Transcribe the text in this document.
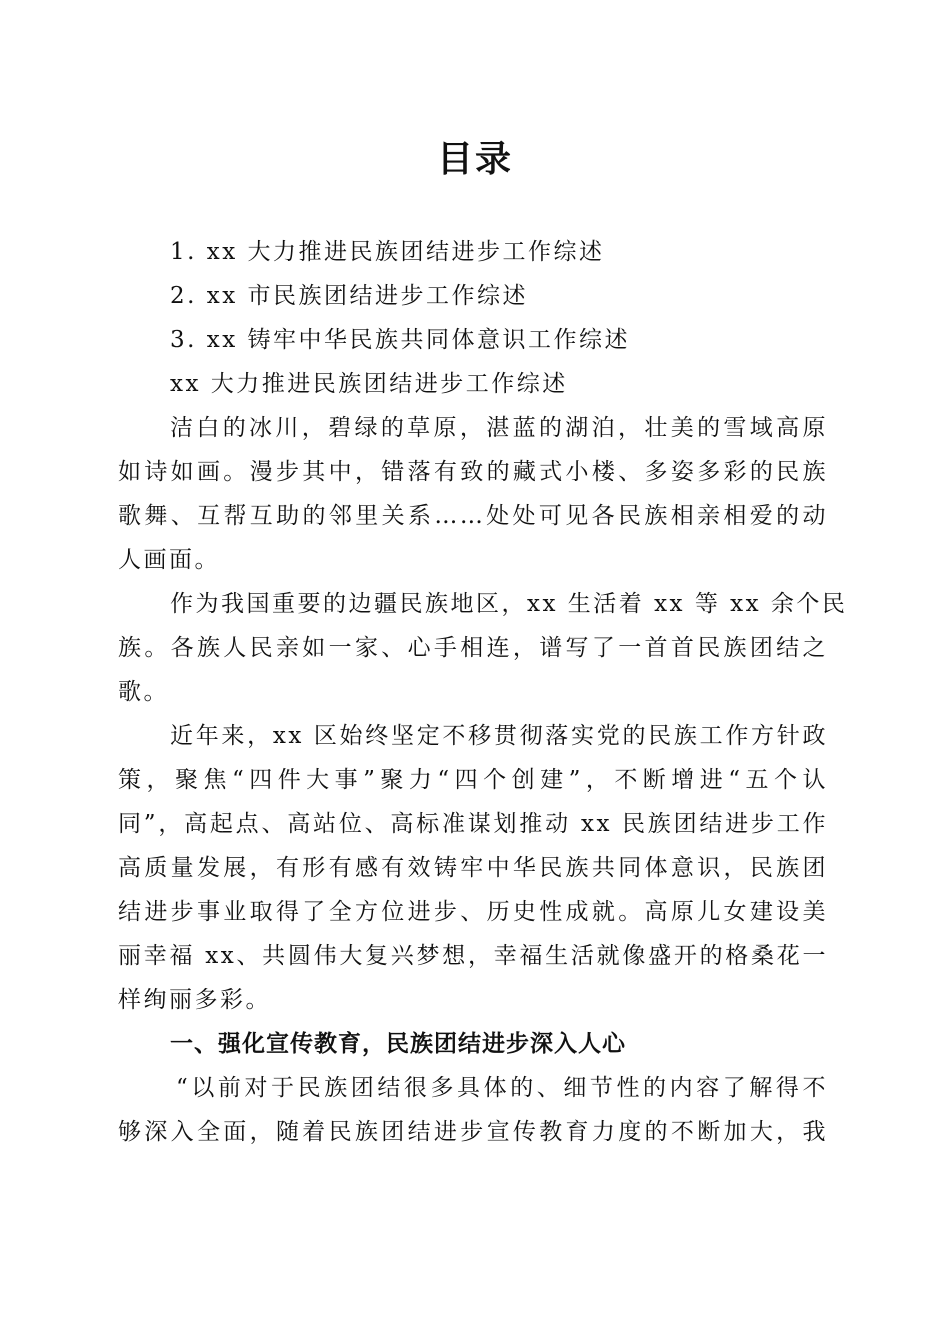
目录

1. xx 大力推进民族团结进步工作综述

2. xx 市民族团结进步工作综述

3. xx 铸牢中华民族共同体意识工作综述

xx 大力推进民族团结进步工作综述

洁白的冰川，碧绿的草原，湛蓝的湖泊，壮美的雪域高原
如诗如画。漫步其中，错落有致的藏式小楼、多姿多彩的民族
歌舞、互帮互助的邻里关系……处处可见各民族相亲相爱的动
人画面。
作为我国重要的边疆民族地区，xx 生活着 xx 等 xx 余个民
族。各族人民亲如一家、心手相连，谱写了一首首民族团结之
歌。
近年来，xx 区始终坚定不移贯彻落实党的民族工作方针政
策，聚焦“四件大事”聚力“四个创建”，不断增进“五个认
同”，高起点、高站位、高标准谋划推动 xx 民族团结进步工作
高质量发展，有形有感有效铸牢中华民族共同体意识，民族团
结进步事业取得了全方位进步、历史性成就。高原儿女建设美
丽幸福 xx、共圆伟大复兴梦想，幸福生活就像盛开的格桑花一
样绚丽多彩。

一、强化宣传教育，民族团结进步深入人心

“以前对于民族团结很多具体的、细节性的内容了解得不
够深入全面，随着民族团结进步宣传教育力度的不断加大，我
